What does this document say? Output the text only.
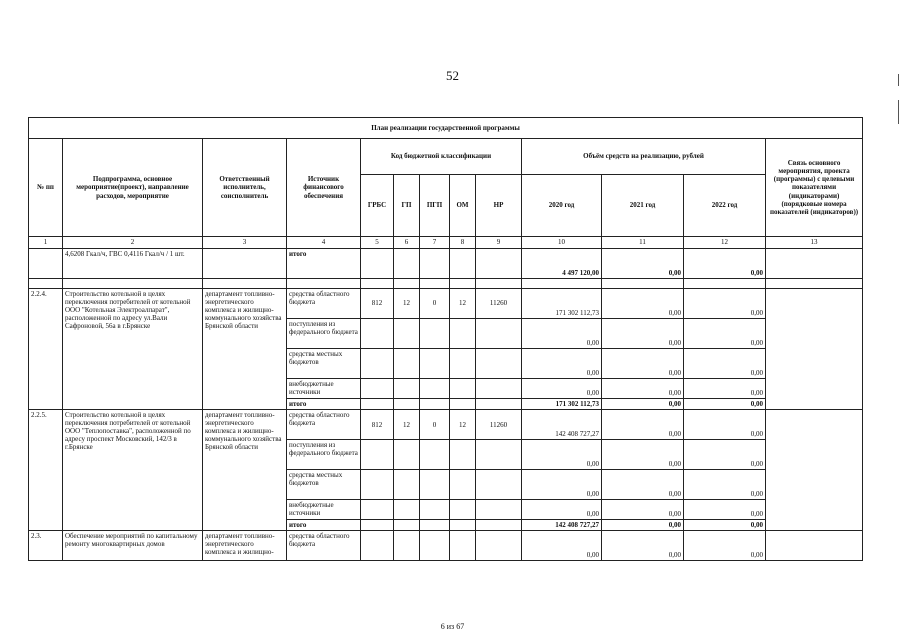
52
План реализации государственной программы												
№ пп	Подпрограмма, основное мероприятие(проект), направление расходов, мероприятие	Ответственный исполнитель, соисполнитель	Источник финансового обеспечения	Код бюджетной классификации					Объём средств на реализацию, рублей			Связь основного мероприятия, проекта (программы) с целевыми показателями (индикаторами) (порядковые номера показателей (индикаторов))
				ГРБС	ГП	ПГП	ОМ	НР	2020 год	2021 год	2022 год	
1	2	3	4	5	6	7	8	9	10	11	12	13
	4,6208 Гкал/ч, ГВС 0,4116 Гкал/ч / 1 шт.		итого						4 497 120,00	0,00	0,00	

2.2.4.	Строительство котельной в целях переключения потребителей от котельной ООО "Котельная Электроалпарат", расположенной по адресу ул.Вали Сафроновой, 56а в г.Брянске	департамент топливно-энергетического комплекса и жилищно-коммунального хозяйства Брянской области	средства областного бюджета	812	12	0	12	11260	171 302 112,73	0,00	0,00	
			поступления из федерального бюджета						0,00	0,00	0,00	
			средства местных бюджетов						0,00	0,00	0,00	
			внебюджетные источники						0,00	0,00	0,00	
			итого						171 302 112,73	0,00	0,00	
2.2.5.	Строительство котельной в целях переключения потребителей от котельной ООО "Теплопоставка", расположенной по адресу проспект Московский, 142/3 в г.Брянске	департамент топливно-энергетического комплекса и жилищно-коммунального хозяйства Брянской области	средства областного бюджета	812	12	0	12	11260	142 408 727,27	0,00	0,00	
			поступления из федерального бюджета						0,00	0,00	0,00	
			средства местных бюджетов						0,00	0,00	0,00	
			внебюджетные источники						0,00	0,00	0,00	
			итого						142 408 727,27	0,00	0,00	
2.3.	Обеспечение мероприятий по капитальному ремонту многоквартирных домов	департамент топливно-энергетического комплекса и жилищно-	средства областного бюджета						0,00	0,00	0,00	
6 из 67
